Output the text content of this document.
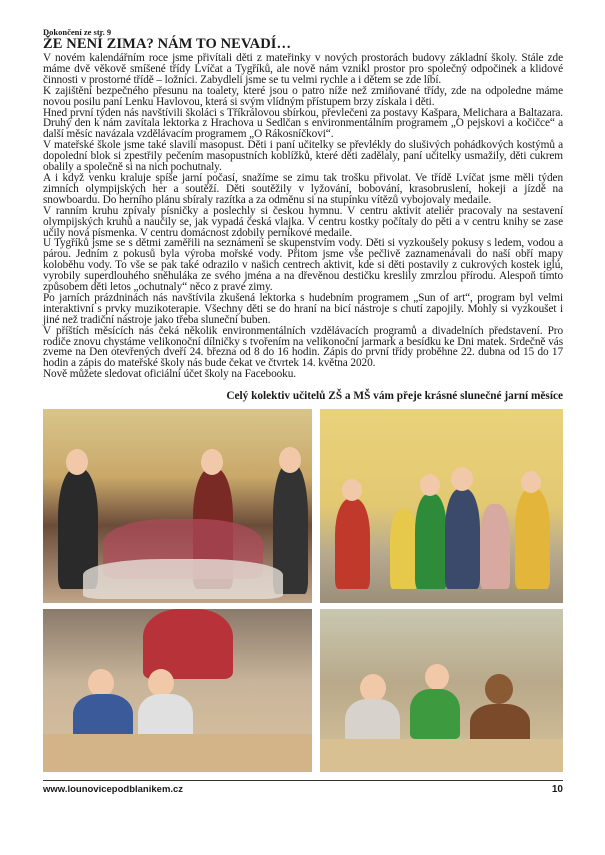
Dokončení ze str. 9
ŽE NENÍ ZIMA? NÁM TO NEVADÍ…

V novém kalendářním roce jsme přivítali děti z mateřinky v nových prostorách budovy základní školy. Stále zde máme dvě věkově smíšené třídy Lvíčat a Tygříků, ale nově nám vznikl prostor pro společný odpočinek a klidové činnosti v prostorné třídě – ložnici. Zabydleli jsme se tu velmi rychle a i dětem se zde líbí.

K zajištění bezpečného přesunu na toalety, které jsou o patro níže než zmiňované třídy, zde na odpoledne máme novou posilu paní Lenku Havlovou, která si svým vlídným přístupem brzy získala i děti.

Hned první týden nás navštívili školáci s Tříkrálovou sbírkou, převlečeni za postavy Kašpara, Melichara a Baltazara. Druhý den k nám zavítala lektorka z Hrachova u Sedlčan s environmentálním programem „O pejskovi a kočičce“ a další měsíc navázala vzdělávacím programem „O Rákosníčkovi“.

V mateřské škole jsme také slavili masopust. Děti i paní učitelky se převlékly do slušivých pohádkových kostýmů a dopolední blok si zpestřily pečením masopustních koblížků, které děti zadělaly, paní učitelky usmažily, děti cukrem obalily a společně si na nich pochutnaly.

A i když venku kraluje spíše jarní počasí, snažíme se zimu tak trošku přivolat. Ve třídě Lvíčat jsme měli týden zimních olympijských her a soutěží. Děti soutěžily v lyžování, bobování, krasobruslení, hokeji a jízdě na snowboardu. Do herního plánu sbíraly razítka a za odměnu si na stupínku vítězů vybojovaly medaile.

V ranním kruhu zpívaly písničky a poslechly si českou hymnu. V centru aktivit ateliér pracovaly na sestavení olympijských kruhů a naučily se, jak vypadá česká vlajka. V centru kostky počítaly do pěti a v centru knihy se zase učily nová písmenka. V centru domácnost zdobily perníkové medaile.

U Tygříků jsme se s dětmi zaměřili na seznámení se skupenstvím vody. Děti si vyzkoušely pokusy s ledem, vodou a párou. Jedním z pokusů byla výroba mořské vody. Přitom jsme vše pečlivě zaznamenávali do naší obří mapy koloběhu vody. To vše se pak také odrazilo v našich centrech aktivit, kde si děti postavily z cukrových kostek iglú, vyrobily superdlouhého sněhuláka ze svého jména a na dřevěnou destičku kreslily zmrzlou přírodu. Alespoň tímto způsobem děti letos „ochutnaly“ něco z pravé zimy.

Po jarních prázdninách nás navštívila zkušená lektorka s hudebním programem „Sun of art“, program byl velmi interaktivní s prvky muzikoterapie. Všechny děti se do hraní na bicí nástroje s chutí zapojily. Mohly si vyzkoušet i jiné než tradiční nástroje jako třeba sluneční buben.

V příštích měsících nás čeká několik environmentálních vzdělávacích programů a divadelních představení. Pro rodiče znovu chystáme velikonoční dílničky s tvořením na velikonoční jarmark a besídku ke Dni matek. Srdečně vás zveme na Den otevřených dveří 24. března od 8 do 16 hodin. Zápis do první třídy proběhne 22. dubna od 15 do 17 hodin a zápis do mateřské školy nás bude čekat ve čtvrtek 14. května 2020.

Nově můžete sledovat oficiální účet školy na Facebooku.

Celý kolektiv učitelů ZŠ a MŠ vám přeje krásné slunečné jarní měsíce
www.lounovicepodblanikem.cz	10
